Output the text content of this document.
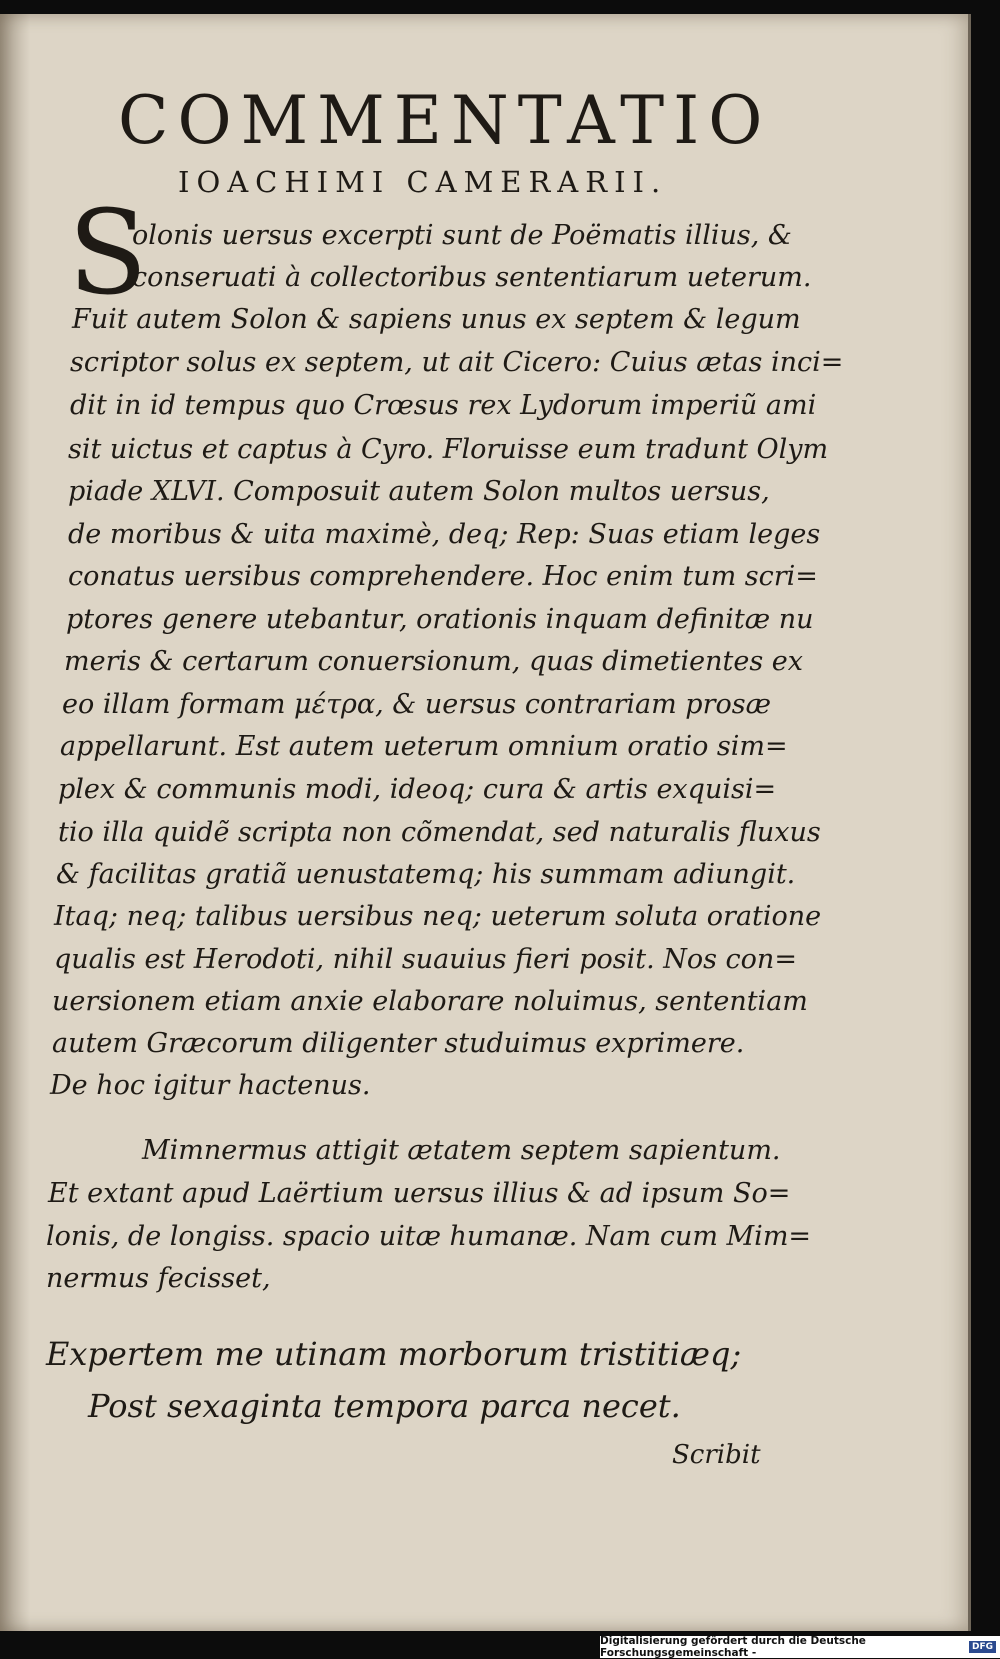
COMMENTATIO
IOACHIMI CAMERARII.
S
olonis uersus excerpti sunt de Poëmatis illius, &
conseruati à collectoribus sententiarum ueterum.
Fuit autem Solon & sapiens unus ex septem & legum
scriptor solus ex septem, ut ait Cicero: Cuius ætas inci=
dit in id tempus quo Crœsus rex Lydorum imperiũ ami
sit uictus et captus à Cyro. Floruisse eum tradunt Olym
piade XLVI. Composuit autem Solon multos uersus,
de moribus & uita maximè, deq; Rep: Suas etiam leges
conatus uersibus comprehendere. Hoc enim tum scri=
ptores genere utebantur, orationis inquam definitæ nu
meris & certarum conuersionum, quas dimetientes ex
eo illam formam μέτρα, & uersus contrariam prosæ
appellarunt. Est autem ueterum omnium oratio sim=
plex & communis modi, ideoq; cura & artis exquisi=
tio illa quidẽ scripta non cõmendat, sed naturalis fluxus
& facilitas gratiã uenustatemq; his summam adiungit.
Itaq; neq; talibus uersibus neq; ueterum soluta oratione
qualis est Herodoti, nihil suauius fieri posit. Nos con=
uersionem etiam anxie elaborare noluimus, sententiam
autem Græcorum diligenter studuimus exprimere.
De hoc igitur hactenus.
Mimnermus attigit ætatem septem sapientum.
Et extant apud Laërtium uersus illius & ad ipsum So=
lonis, de longiss. spacio uitæ humanæ. Nam cum Mim=
nermus fecisset,
Expertem me utinam morborum tristitiæq;
Post sexaginta tempora parca necet.
Scribit
Digitalisierung gefördert durch die Deutsche Forschungsgemeinschaft -	DFG
